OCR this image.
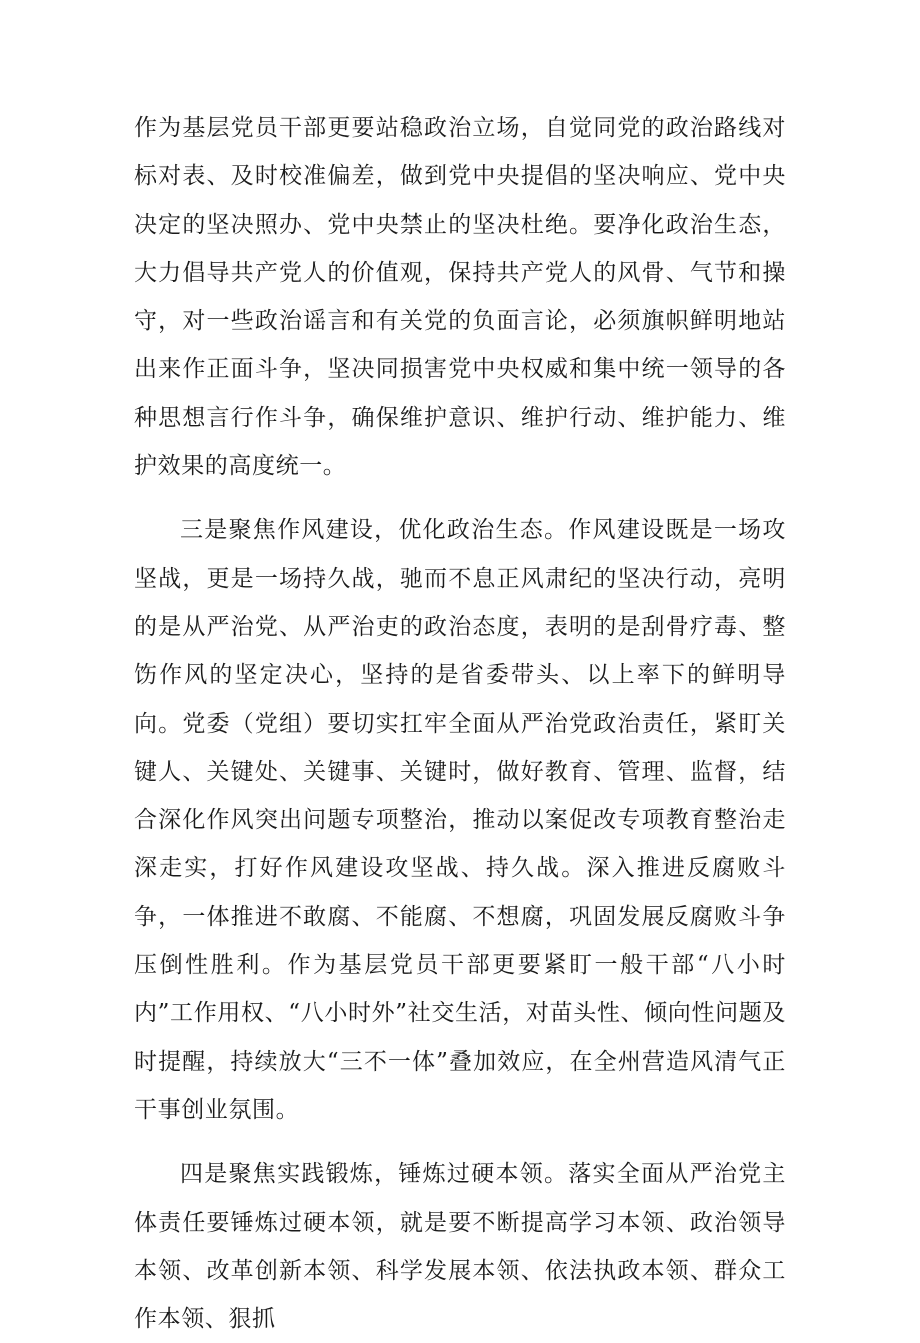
作为基层党员干部更要站稳政治立场，自觉同党的政治路线对标对表、及时校准偏差，做到党中央提倡的坚决响应、党中央决定的坚决照办、党中央禁止的坚决杜绝。要净化政治生态，大力倡导共产党人的价值观，保持共产党人的风骨、气节和操守，对一些政治谣言和有关党的负面言论，必须旗帜鲜明地站出来作正面斗争，坚决同损害党中央权威和集中统一领导的各种思想言行作斗争，确保维护意识、维护行动、维护能力、维护效果的高度统一。

三是聚焦作风建设，优化政治生态。作风建设既是一场攻坚战，更是一场持久战，驰而不息正风肃纪的坚决行动，亮明的是从严治党、从严治吏的政治态度，表明的是刮骨疗毒、整饬作风的坚定决心，坚持的是省委带头、以上率下的鲜明导向。党委（党组）要切实扛牢全面从严治党政治责任，紧盯关键人、关键处、关键事、关键时，做好教育、管理、监督，结合深化作风突出问题专项整治，推动以案促改专项教育整治走深走实，打好作风建设攻坚战、持久战。深入推进反腐败斗争，一体推进不敢腐、不能腐、不想腐，巩固发展反腐败斗争压倒性胜利。作为基层党员干部更要紧盯一般干部“八小时内”工作用权、“八小时外”社交生活，对苗头性、倾向性问题及时提醒，持续放大“三不一体”叠加效应，在全州营造风清气正干事创业氛围。

四是聚焦实践锻炼，锤炼过硬本领。落实全面从严治党主体责任要锤炼过硬本领，就是要不断提高学习本领、政治领导本领、改革创新本领、科学发展本领、依法执政本领、群众工作本领、狠抓
